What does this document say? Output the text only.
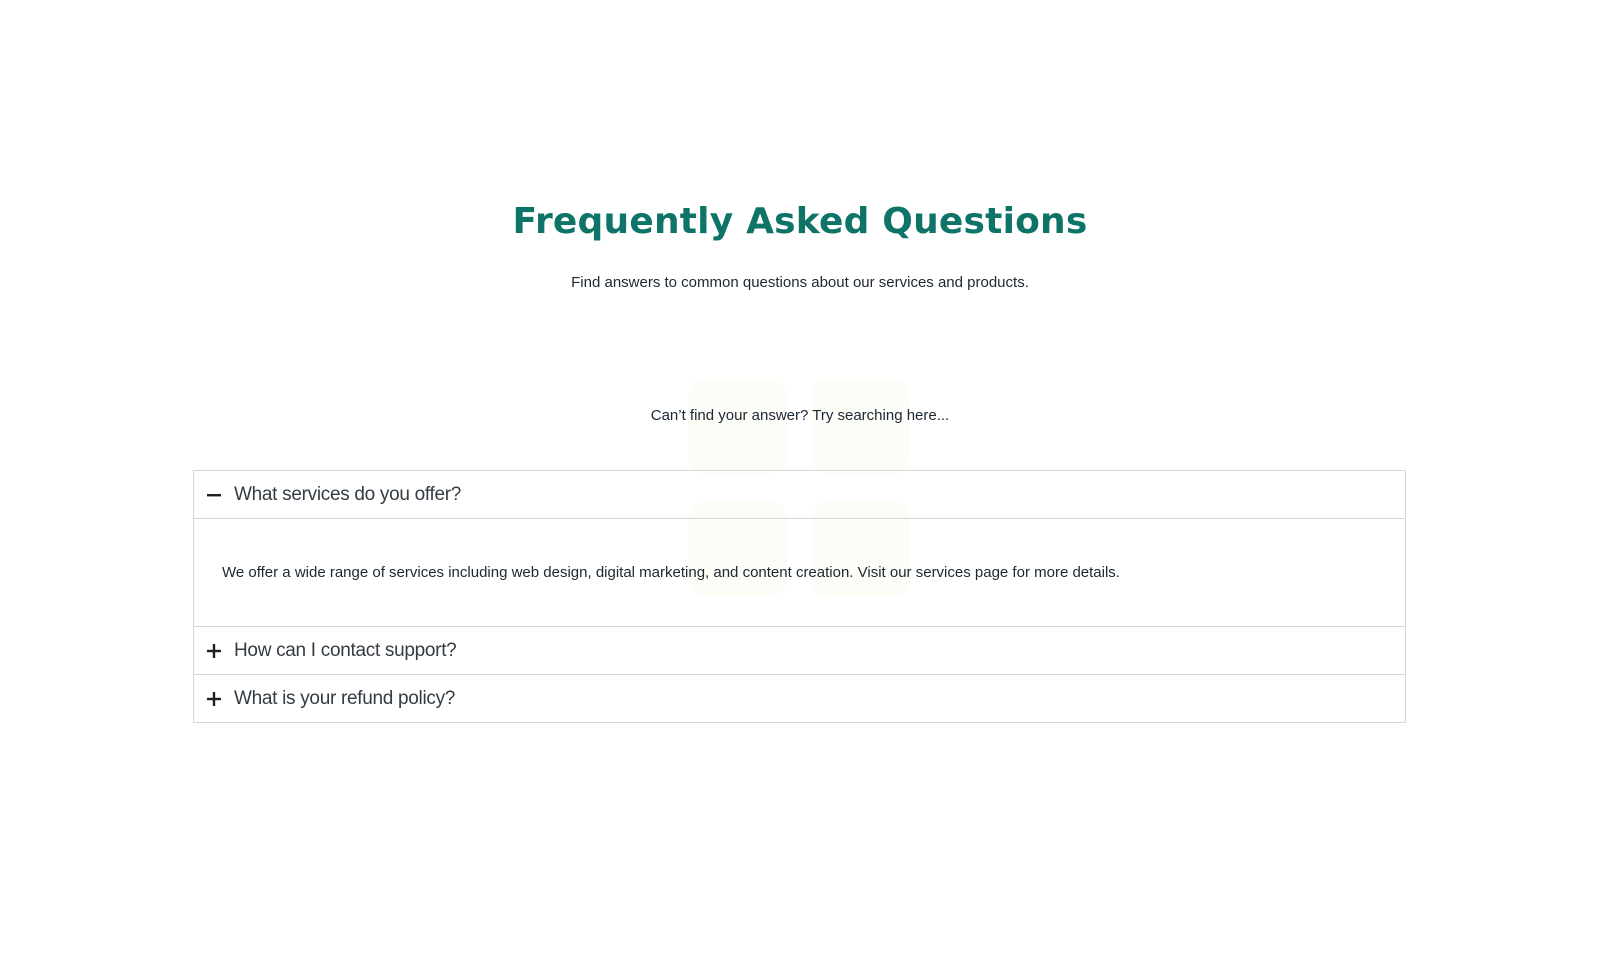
Frequently Asked Questions

Find answers to common questions about our services and products.

Can’t find your answer? Try searching here...
What services do you offer?
We offer a wide range of services including web design, digital marketing, and content creation. Visit our services page for more details.
How can I contact support?
What is your refund policy?
